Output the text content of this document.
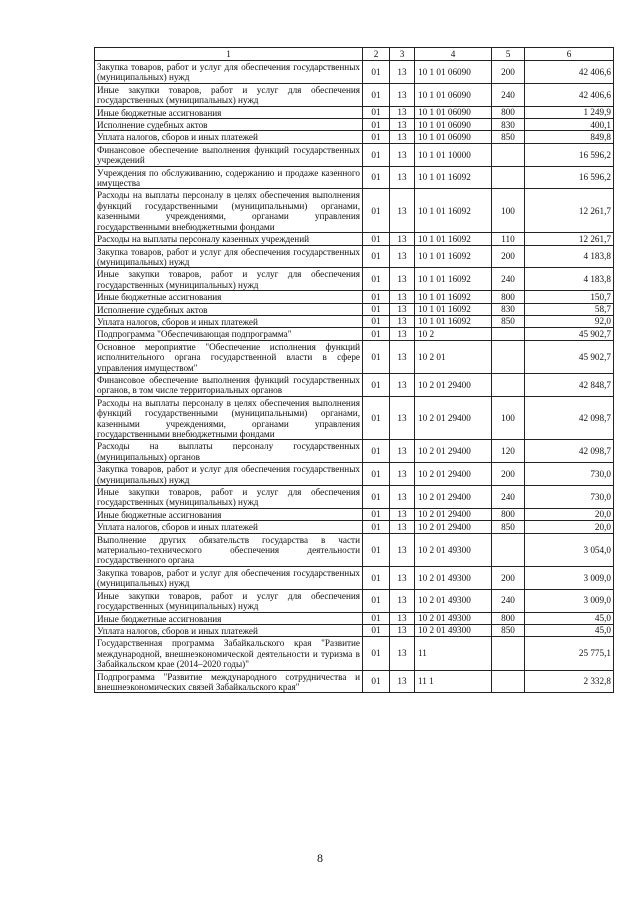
1	2	3	4	5	6
Закупка товаров, работ и услуг для обеспечения государственных (муниципальных) нужд	01	13	10 1 01 06090	200	42 406,6
Иные закупки товаров, работ и услуг для обеспечения государственных (муниципальных) нужд	01	13	10 1 01 06090	240	42 406,6
Иные бюджетные ассигнования	01	13	10 1 01 06090	800	1 249,9
Исполнение судебных актов	01	13	10 1 01 06090	830	400,1
Уплата налогов, сборов и иных платежей	01	13	10 1 01 06090	850	849,8
Финансовое обеспечение выполнения функций государственных учреждений	01	13	10 1 01 10000		16 596,2
Учреждения по обслуживанию, содержанию и продаже казенного имущества	01	13	10 1 01 16092		16 596,2
Расходы на выплаты персоналу в целях обеспечения выполнения функций государственными (муниципальными) органами, казенными учреждениями, органами управления государственными внебюджетными фондами	01	13	10 1 01 16092	100	12 261,7
Расходы на выплаты персоналу казенных учреждений	01	13	10 1 01 16092	110	12 261,7
Закупка товаров, работ и услуг для обеспечения государственных (муниципальных) нужд	01	13	10 1 01 16092	200	4 183,8
Иные закупки товаров, работ и услуг для обеспечения государственных (муниципальных) нужд	01	13	10 1 01 16092	240	4 183,8
Иные бюджетные ассигнования	01	13	10 1 01 16092	800	150,7
Исполнение судебных актов	01	13	10 1 01 16092	830	58,7
Уплата налогов, сборов и иных платежей	01	13	10 1 01 16092	850	92,0
Подпрограмма "Обеспечивающая подпрограмма"	01	13	10 2		45 902,7
Основное мероприятие "Обеспечение исполнения функций исполнительного органа государственной власти в сфере управления имуществом"	01	13	10 2 01		45 902,7
Финансовое обеспечение выполнения функций государственных органов, в том числе территориальных органов	01	13	10 2 01 29400		42 848,7
Расходы на выплаты персоналу в целях обеспечения выполнения функций государственными (муниципальными) органами, казенными учреждениями, органами управления государственными внебюджетными фондами	01	13	10 2 01 29400	100	42 098,7
Расходы на выплаты персоналу государственных (муниципальных) органов	01	13	10 2 01 29400	120	42 098,7
Закупка товаров, работ и услуг для обеспечения государственных (муниципальных) нужд	01	13	10 2 01 29400	200	730,0
Иные закупки товаров, работ и услуг для обеспечения государственных (муниципальных) нужд	01	13	10 2 01 29400	240	730,0
Иные бюджетные ассигнования	01	13	10 2 01 29400	800	20,0
Уплата налогов, сборов и иных платежей	01	13	10 2 01 29400	850	20,0
Выполнение других обязательств государства в части материально-технического обеспечения деятельности государственного органа	01	13	10 2 01 49300		3 054,0
Закупка товаров, работ и услуг для обеспечения государственных (муниципальных) нужд	01	13	10 2 01 49300	200	3 009,0
Иные закупки товаров, работ и услуг для обеспечения государственных (муниципальных) нужд	01	13	10 2 01 49300	240	3 009,0
Иные бюджетные ассигнования	01	13	10 2 01 49300	800	45,0
Уплата налогов, сборов и иных платежей	01	13	10 2 01 49300	850	45,0
Государственная программа Забайкальского края "Развитие международной, внешнеэкономической деятельности и туризма в Забайкальском крае (2014–2020 годы)"	01	13	11		25 775,1
Подпрограмма "Развитие международного сотрудничества и внешнеэкономических связей Забайкальского края"	01	13	11 1		2 332,8
8
